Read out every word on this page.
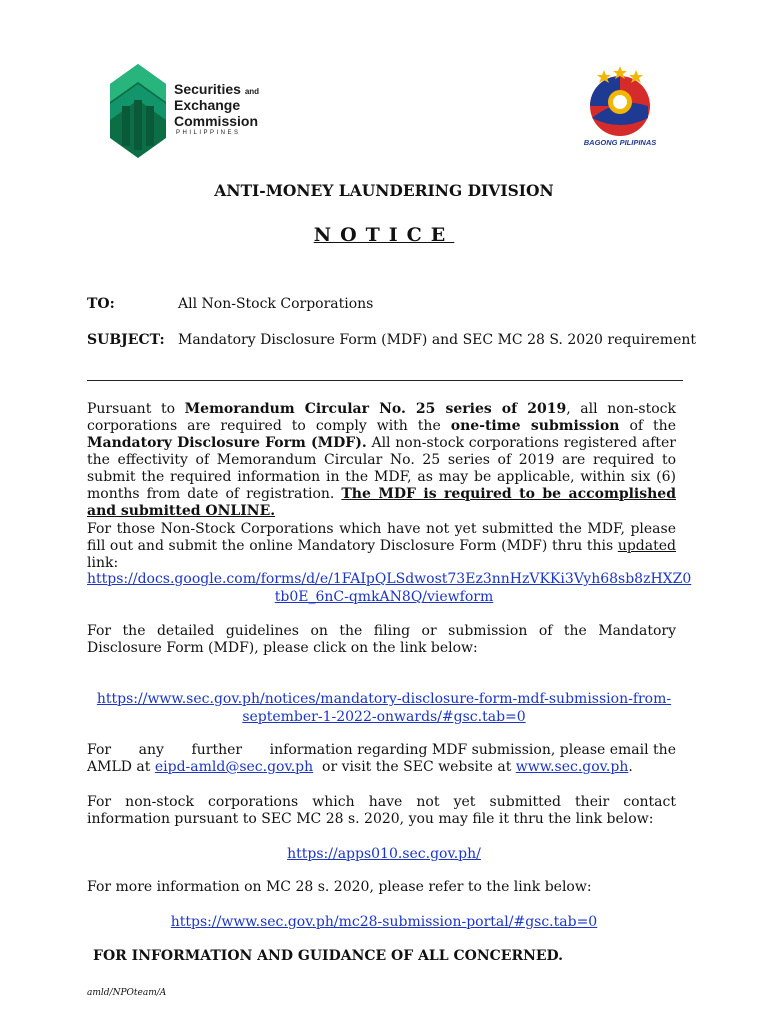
Securities and
Exchange
Commission
PHILIPPINES
BAGONG PILIPINAS
ANTI-MONEY LAUNDERING DIVISION
NOTICE
TO:	All Non-Stock Corporations
SUBJECT: Mandatory Disclosure Form (MDF) and SEC MC 28 S. 2020 requirement
Pursuant to Memorandum Circular No. 25 series of 2019, all non-stock corporations are required to comply with the one-time submission of the Mandatory Disclosure Form (MDF). All non-stock corporations registered after the effectivity of Memorandum Circular No. 25 series of 2019 are required to submit the required information in the MDF, as may be applicable, within six (6) months from date of registration. The MDF is required to be accomplished and submitted ONLINE.
For those Non-Stock Corporations which have not yet submitted the MDF, please fill out and submit the online Mandatory Disclosure Form (MDF) thru this updated link:
https://docs.google.com/forms/d/e/1FAIpQLSdwost73Ez3nnHzVKKi3Vyh68sb8zHXZ0
tb0E_6nC-qmkAN8Q/viewform
For the detailed guidelines on the filing or submission of the Mandatory Disclosure Form (MDF), please click on the link below:
https://www.sec.gov.ph/notices/mandatory-disclosure-form-mdf-submission-from-
september-1-2022-onwards/#gsc.tab=0
For any further information regarding MDF submission, please email the
AMLD at eipd-amld@sec.gov.ph  or visit the SEC website at www.sec.gov.ph.
For non-stock corporations which have not yet submitted their contact information pursuant to SEC MC 28 s. 2020, you may file it thru the link below:
https://apps010.sec.gov.ph/
For more information on MC 28 s. 2020, please refer to the link below:
https://www.sec.gov.ph/mc28-submission-portal/#gsc.tab=0
FOR INFORMATION AND GUIDANCE OF ALL CONCERNED.
amld/NPOteam/A
